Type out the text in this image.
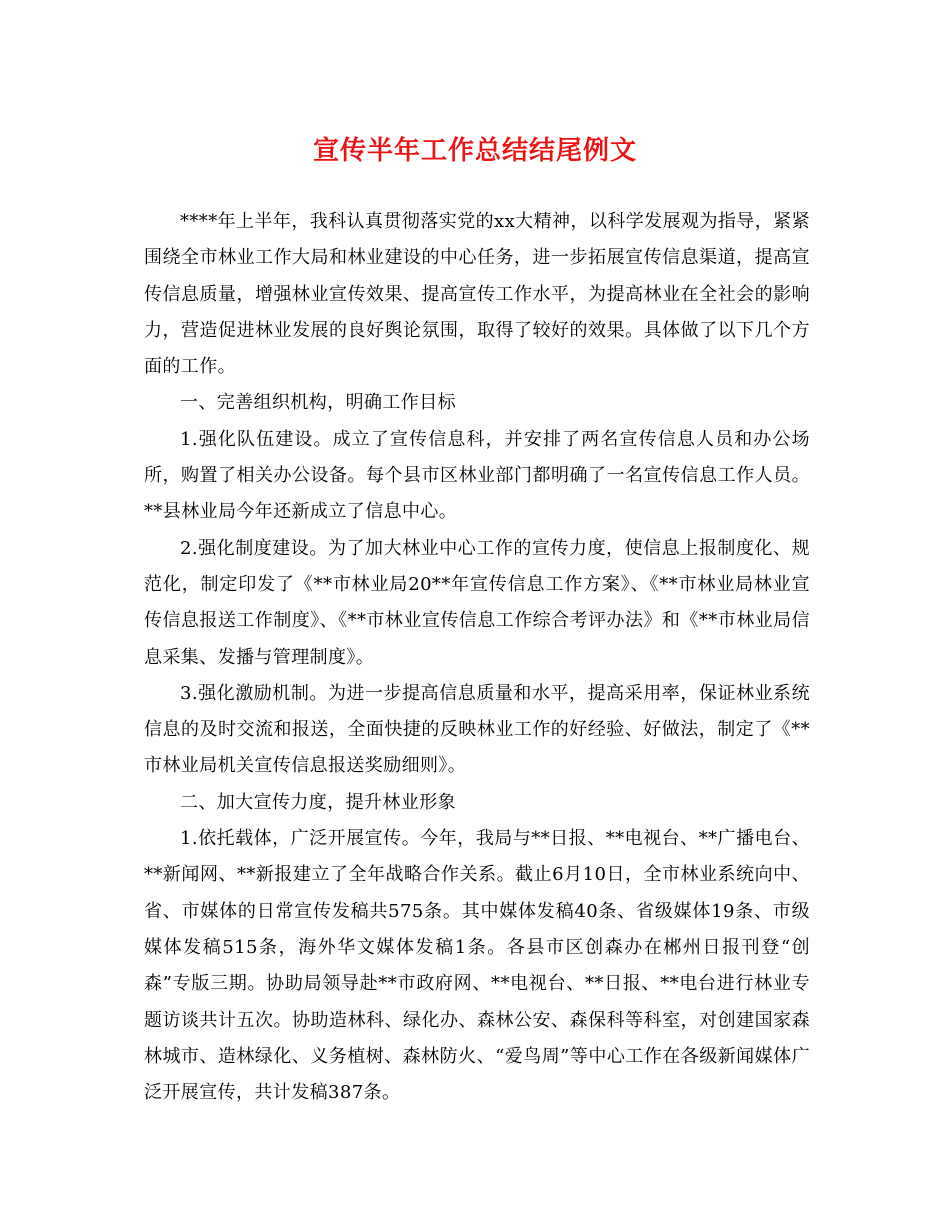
宣传半年工作总结结尾例文

****年上半年，我科认真贯彻落实党的xx大精神，以科学发展观为指导，紧紧围绕全市林业工作大局和林业建设的中心任务，进一步拓展宣传信息渠道，提高宣传信息质量，增强林业宣传效果、提高宣传工作水平，为提高林业在全社会的影响力，营造促进林业发展的良好舆论氛围，取得了较好的效果。具体做了以下几个方面的工作。

一、完善组织机构，明确工作目标

1.强化队伍建设。成立了宣传信息科，并安排了两名宣传信息人员和办公场所，购置了相关办公设备。每个县市区林业部门都明确了一名宣传信息工作人员。**县林业局今年还新成立了信息中心。

2.强化制度建设。为了加大林业中心工作的宣传力度，使信息上报制度化、规范化，制定印发了《**市林业局20**年宣传信息工作方案》、《**市林业局林业宣传信息报送工作制度》、《**市林业宣传信息工作综合考评办法》和《**市林业局信息采集、发播与管理制度》。

3.强化激励机制。为进一步提高信息质量和水平，提高采用率，保证林业系统信息的及时交流和报送，全面快捷的反映林业工作的好经验、好做法，制定了《**市林业局机关宣传信息报送奖励细则》。

二、加大宣传力度，提升林业形象

1.依托载体，广泛开展宣传。今年，我局与**日报、**电视台、**广播电台、**新闻网、**新报建立了全年战略合作关系。截止6月10日，全市林业系统向中、省、市媒体的日常宣传发稿共575条。其中媒体发稿40条、省级媒体19条、市级媒体发稿515条，海外华文媒体发稿1条。各县市区创森办在郴州日报刊登“创森”专版三期。协助局领导赴**市政府网、**电视台、**日报、**电台进行林业专题访谈共计五次。协助造林科、绿化办、森林公安、森保科等科室，对创建国家森林城市、造林绿化、义务植树、森林防火、“爱鸟周”等中心工作在各级新闻媒体广泛开展宣传，共计发稿387条。
